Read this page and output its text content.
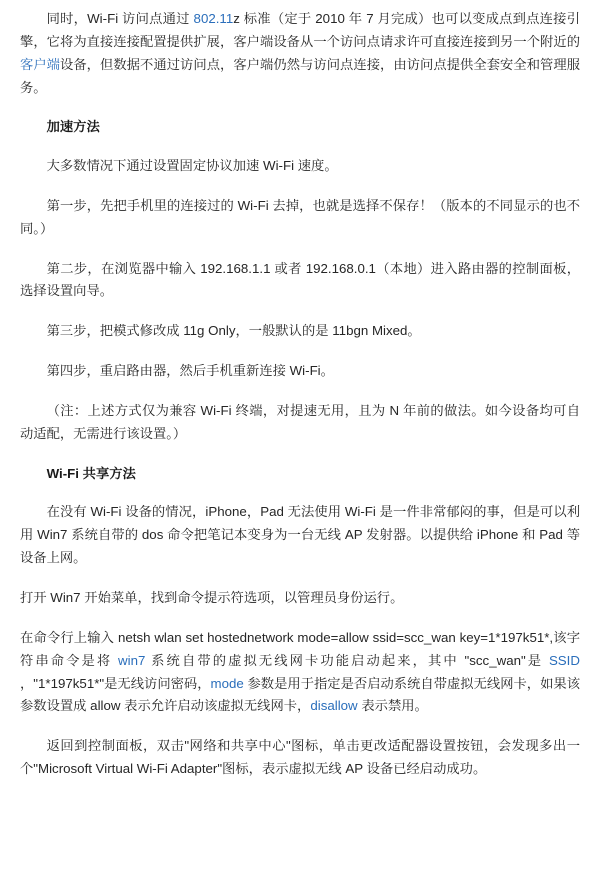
同时，Wi-Fi 访问点通过 802.11z 标准（定于 2010 年 7 月完成）也可以变成点到点连接引擎，它将为直接连接配置提供扩展，客户端设备从一个访问点请求许可直接连接到另一个附近的 客户端设备，但数据不通过访问点，客户端仍然与访问点连接，由访问点提供全套安全和管理服务。

加速方法

大多数情况下通过设置固定协议加速 Wi-Fi 速度。

第一步，先把手机里的连接过的 Wi-Fi 去掉，也就是选择不保存！（版本的不同显示的也不同。）

第二步，在浏览器中输入 192.168.1.1 或者 192.168.0.1（本地）进入路由器的控制面板，选择设置向导。

第三步，把模式修改成 11g Only，一般默认的是 11bgn Mixed。

第四步，重启路由器，然后手机重新连接 Wi-Fi。

（注：上述方式仅为兼容 Wi-Fi 终端，对提速无用，且为 N 年前的做法。如今设备均可自动适配，无需进行该设置。）

Wi-Fi 共享方法

在没有 Wi-Fi 设备的情况，iPhone，Pad 无法使用 Wi-Fi 是一件非常郁闷的事，但是可以利用 Win7 系统自带的 dos 命令把笔记本变身为一台无线 AP 发射器。以提供给 iPhone 和 Pad 等设备上网。

打开 Win7 开始菜单，找到命令提示符选项，以管理员身份运行。

在命令行上输入 netsh wlan set hostednetwork mode=allow ssid=scc_wan key=1*197k51*,该字符串命令是将 win7 系统自带的虚拟无线网卡功能启动起来，其中 "scc_wan"是 SSID ，"1*197k51*"是无线访问密码，mode 参数是用于指定是否启动系统自带虚拟无线网卡，如果该参数设置成 allow 表示允许启动该虚拟无线网卡，disallow 表示禁用。

返回到控制面板，双击"网络和共享中心"图标，单击更改适配器设置按钮，会发现多出一个"Microsoft Virtual Wi-Fi Adapter"图标，表示虚拟无线 AP 设备已经启动成功。
